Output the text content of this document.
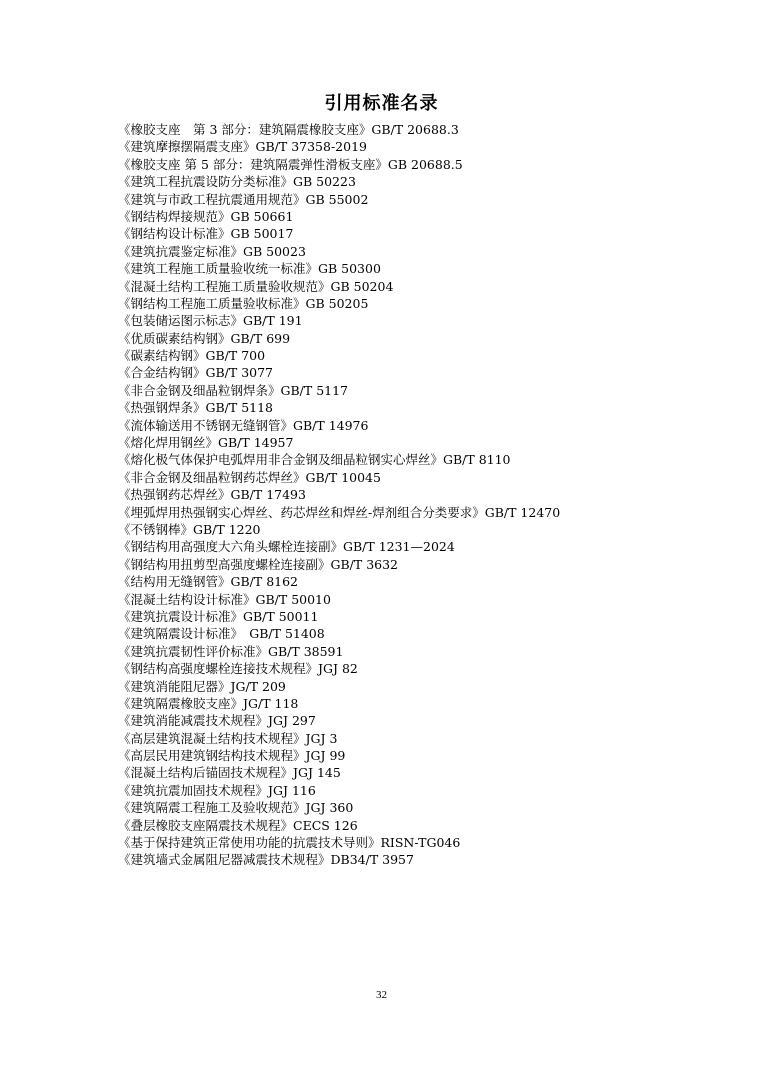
引用标准名录
《橡胶支座　第 3 部分：建筑隔震橡胶支座》GB/T 20688.3
《建筑摩擦摆隔震支座》GB/T 37358-2019
《橡胶支座 第 5 部分：建筑隔震弹性滑板支座》GB 20688.5
《建筑工程抗震设防分类标准》GB 50223
《建筑与市政工程抗震通用规范》GB 55002
《钢结构焊接规范》GB 50661
《钢结构设计标准》GB 50017
《建筑抗震鉴定标准》GB 50023
《建筑工程施工质量验收统一标准》GB 50300
《混凝土结构工程施工质量验收规范》GB 50204
《钢结构工程施工质量验收标准》GB 50205
《包装储运图示标志》GB/T 191
《优质碳素结构钢》GB/T 699
《碳素结构钢》GB/T 700
《合金结构钢》GB/T 3077
《非合金钢及细晶粒钢焊条》GB/T 5117
《热强钢焊条》GB/T 5118
《流体输送用不锈钢无缝钢管》GB/T 14976
《熔化焊用钢丝》GB/T 14957
《熔化极气体保护电弧焊用非合金钢及细晶粒钢实心焊丝》GB/T 8110
《非合金钢及细晶粒钢药芯焊丝》GB/T 10045
《热强钢药芯焊丝》GB/T 17493
《埋弧焊用热强钢实心焊丝、药芯焊丝和焊丝-焊剂组合分类要求》GB/T 12470
《不锈钢棒》GB/T 1220
《钢结构用高强度大六角头螺栓连接副》GB/T 1231—2024
《钢结构用扭剪型高强度螺栓连接副》GB/T 3632
《结构用无缝钢管》GB/T 8162
《混凝土结构设计标准》GB/T 50010
《建筑抗震设计标准》GB/T 50011
《建筑隔震设计标准》　GB/T 51408
《建筑抗震韧性评价标准》GB/T 38591
《钢结构高强度螺栓连接技术规程》JGJ 82
《建筑消能阻尼器》JG/T 209
《建筑隔震橡胶支座》JG/T 118
《建筑消能减震技术规程》JGJ 297
《高层建筑混凝土结构技术规程》JGJ 3
《高层民用建筑钢结构技术规程》JGJ 99
《混凝土结构后锚固技术规程》JGJ 145
《建筑抗震加固技术规程》JGJ 116
《建筑隔震工程施工及验收规范》JGJ 360
《叠层橡胶支座隔震技术规程》CECS 126
《基于保持建筑正常使用功能的抗震技术导则》RISN-TG046
《建筑墙式金属阻尼器减震技术规程》DB34/T 3957
32
